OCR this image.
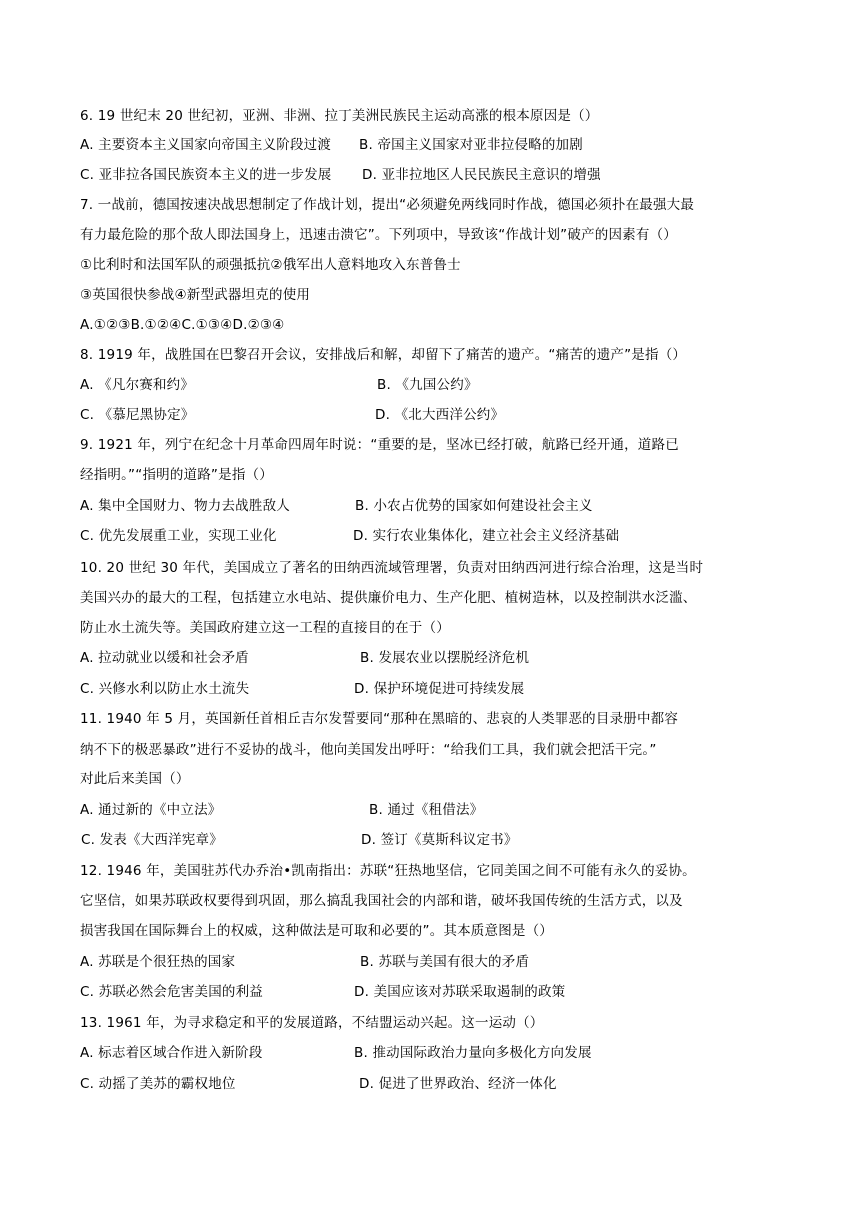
6. 19 世纪末 20 世纪初，亚洲、非洲、拉丁美洲民族民主运动高涨的根本原因是（）
A. 主要资本主义国家向帝国主义阶段过渡 B. 帝国主义国家对亚非拉侵略的加剧
C. 亚非拉各国民族资本主义的进一步发展 D. 亚非拉地区人民民族民主意识的增强
7. 一战前，德国按速决战思想制定了作战计划，提出“必须避免两线同时作战，德国必须扑在最强大最
有力最危险的那个敌人即法国身上，迅速击溃它”。下列项中，导致该“作战计划”破产的因素有（）
①比利时和法国军队的顽强抵抗②俄军出人意料地攻入东普鲁士
③英国很快参战④新型武器坦克的使用
A.①②③B.①②④C.①③④D.②③④
8. 1919 年，战胜国在巴黎召开会议，安排战后和解，却留下了痛苦的遗产。“痛苦的遗产”是指（）
A. 《凡尔赛和约》	B. 《九国公约》
C. 《慕尼黑协定》	D. 《北大西洋公约》
9. 1921 年，列宁在纪念十月革命四周年时说：“重要的是，坚冰已经打破，航路已经开通，道路已
经指明。”“指明的道路”是指（）
A. 集中全国财力、物力去战胜敌人	B. 小农占优势的国家如何建设社会主义
C. 优先发展重工业，实现工业化	D. 实行农业集体化，建立社会主义经济基础
10. 20 世纪 30 年代，美国成立了著名的田纳西流域管理署，负责对田纳西河进行综合治理，这是当时
美国兴办的最大的工程，包括建立水电站、提供廉价电力、生产化肥、植树造林，以及控制洪水泛滥、
防止水土流失等。美国政府建立这一工程的直接目的在于（）
A. 拉动就业以缓和社会矛盾	B. 发展农业以摆脱经济危机
C. 兴修水利以防止水土流失	D. 保护环境促进可持续发展
11. 1940 年 5 月，英国新任首相丘吉尔发誓要同“那种在黑暗的、悲哀的人类罪恶的目录册中都容
纳不下的极恶暴政”进行不妥协的战斗，他向美国发出呼吁：“给我们工具，我们就会把活干完。”
对此后来美国（）
A. 通过新的《中立法》	B. 通过《租借法》
C. 发表《大西洋宪章》	D. 签订《莫斯科议定书》
12. 1946 年，美国驻苏代办乔治•凯南指出：苏联“狂热地坚信，它同美国之间不可能有永久的妥协。
它坚信，如果苏联政权要得到巩固，那么搞乱我国社会的内部和谐，破坏我国传统的生活方式，以及
损害我国在国际舞台上的权威，这种做法是可取和必要的”。其本质意图是（）
A. 苏联是个很狂热的国家	B. 苏联与美国有很大的矛盾
C. 苏联必然会危害美国的利益	D. 美国应该对苏联采取遏制的政策
13. 1961 年，为寻求稳定和平的发展道路，不结盟运动兴起。这一运动（）
A. 标志着区域合作进入新阶段	B. 推动国际政治力量向多极化方向发展
C. 动摇了美苏的霸权地位	D. 促进了世界政治、经济一体化
